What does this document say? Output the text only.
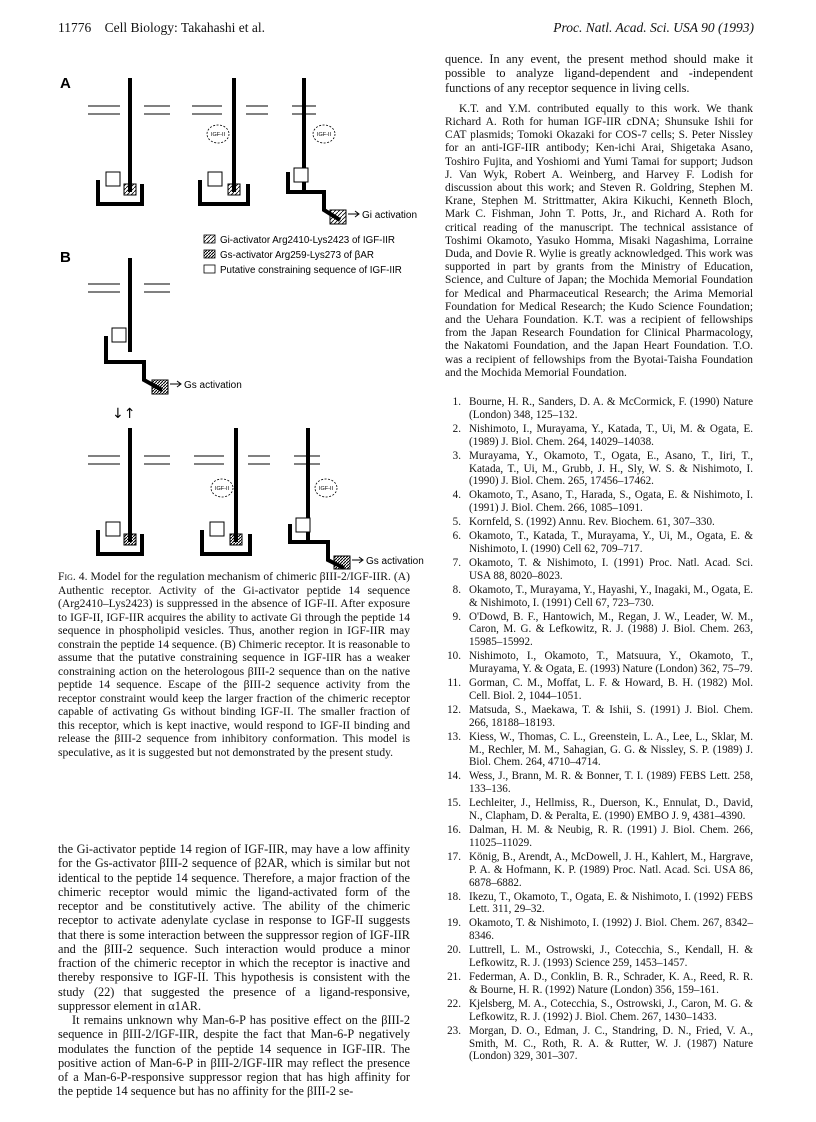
11776 Cell Biology: Takahashi et al.	Proc. Natl. Acad. Sci. USA 90 (1993)
A
B
IGF-II	IGF-II
Gi activation
Gi-activator Arg2410-Lys2423 of IGF-IIR
Gs-activator Arg259-Lys273 of βAR
Putative constraining sequence of IGF-IIR
Gs activation
↓↑
IGF-II	IGF-II
Gs activation

Fig. 4. Model for the regulation mechanism of chimeric βIII-2/IGF-IIR. (A) Authentic receptor. Activity of the Gi-activator peptide 14 sequence (Arg2410–Lys2423) is suppressed in the absence of IGF-II. After exposure to IGF-II, IGF-IIR acquires the ability to activate Gi through the peptide 14 sequence in phospholipid vesicles. Thus, another region in IGF-IIR may constrain the peptide 14 sequence. (B) Chimeric receptor. It is reasonable to assume that the putative constraining sequence in IGF-IIR has a weaker constraining action on the heterologous βIII-2 sequence than on the native peptide 14 sequence. Escape of the βIII-2 sequence activity from the receptor constraint would keep the larger fraction of the chimeric receptor capable of activating Gs without binding IGF-II. The smaller fraction of this receptor, which is kept inactive, would respond to IGF-II binding and release the βIII-2 sequence from inhibitory conformation. This model is speculative, as it is suggested but not demonstrated by the present study.

the Gi-activator peptide 14 region of IGF-IIR, may have a low affinity for the Gs-activator βIII-2 sequence of β2AR, which is similar but not identical to the peptide 14 sequence. Therefore, a major fraction of the chimeric receptor would mimic the ligand-activated form of the receptor and be constitutively active. The ability of the chimeric receptor to activate adenylate cyclase in response to IGF-II suggests that there is some interaction between the suppressor region of IGF-IIR and the βIII-2 sequence. Such interaction would produce a minor fraction of the chimeric receptor in which the receptor is inactive and thereby responsive to IGF-II. This hypothesis is consistent with the study (22) that suggested the presence of a ligand-responsive, suppressor element in α1AR.

It remains unknown why Man-6-P has positive effect on the βIII-2 sequence in βIII-2/IGF-IIR, despite the fact that Man-6-P negatively modulates the function of the peptide 14 sequence in IGF-IIR. The positive action of Man-6-P in βIII-2/IGF-IIR may reflect the presence of a Man-6-P-responsive suppressor region that has high affinity for the peptide 14 sequence but has no affinity for the βIII-2 se-

quence. In any event, the present method should make it possible to analyze ligand-dependent and -independent functions of any receptor sequence in living cells.

K.T. and Y.M. contributed equally to this work. We thank Richard A. Roth for human IGF-IIR cDNA; Shunsuke Ishii for CAT plasmids; Tomoki Okazaki for COS-7 cells; S. Peter Nissley for an anti-IGF-IIR antibody; Ken-ichi Arai, Shigetaka Asano, Toshiro Fujita, and Yoshiomi and Yumi Tamai for support; Judson J. Van Wyk, Robert A. Weinberg, and Harvey F. Lodish for discussion about this work; and Steven R. Goldring, Stephen M. Krane, Stephen M. Strittmatter, Akira Kikuchi, Kenneth Bloch, Mark C. Fishman, John T. Potts, Jr., and Richard A. Roth for critical reading of the manuscript. The technical assistance of Toshimi Okamoto, Yasuko Homma, Misaki Nagashima, Lorraine Duda, and Dovie R. Wylie is greatly acknowledged. This work was supported in part by grants from the Ministry of Education, Science, and Culture of Japan; the Mochida Memorial Foundation for Medical and Pharmaceutical Research; the Arima Memorial Foundation for Medical Research; the Kudo Science Foundation; and the Uehara Foundation. K.T. was a recipient of fellowships from the Japan Research Foundation for Clinical Pharmacology, the Nakatomi Foundation, and the Japan Heart Foundation. T.O. was a recipient of fellowships from the Byotai-Taisha Foundation and the Mochida Memorial Foundation.

1. Bourne, H. R., Sanders, D. A. & McCormick, F. (1990) Nature (London) 348, 125–132.
2. Nishimoto, I., Murayama, Y., Katada, T., Ui, M. & Ogata, E. (1989) J. Biol. Chem. 264, 14029–14038.
3. Murayama, Y., Okamoto, T., Ogata, E., Asano, T., Iiri, T., Katada, T., Ui, M., Grubb, J. H., Sly, W. S. & Nishimoto, I. (1990) J. Biol. Chem. 265, 17456–17462.
4. Okamoto, T., Asano, T., Harada, S., Ogata, E. & Nishimoto, I. (1991) J. Biol. Chem. 266, 1085–1091.
5. Kornfeld, S. (1992) Annu. Rev. Biochem. 61, 307–330.
6. Okamoto, T., Katada, T., Murayama, Y., Ui, M., Ogata, E. & Nishimoto, I. (1990) Cell 62, 709–717.
7. Okamoto, T. & Nishimoto, I. (1991) Proc. Natl. Acad. Sci. USA 88, 8020–8023.
8. Okamoto, T., Murayama, Y., Hayashi, Y., Inagaki, M., Ogata, E. & Nishimoto, I. (1991) Cell 67, 723–730.
9. O'Dowd, B. F., Hantowich, M., Regan, J. W., Leader, W. M., Caron, M. G. & Lefkowitz, R. J. (1988) J. Biol. Chem. 263, 15985–15992.
10. Nishimoto, I., Okamoto, T., Matsuura, Y., Okamoto, T., Murayama, Y. & Ogata, E. (1993) Nature (London) 362, 75–79.
11. Gorman, C. M., Moffat, L. F. & Howard, B. H. (1982) Mol. Cell. Biol. 2, 1044–1051.
12. Matsuda, S., Maekawa, T. & Ishii, S. (1991) J. Biol. Chem. 266, 18188–18193.
13. Kiess, W., Thomas, C. L., Greenstein, L. A., Lee, L., Sklar, M. M., Rechler, M. M., Sahagian, G. G. & Nissley, S. P. (1989) J. Biol. Chem. 264, 4710–4714.
14. Wess, J., Brann, M. R. & Bonner, T. I. (1989) FEBS Lett. 258, 133–136.
15. Lechleiter, J., Hellmiss, R., Duerson, K., Ennulat, D., David, N., Clapham, D. & Peralta, E. (1990) EMBO J. 9, 4381–4390.
16. Dalman, H. M. & Neubig, R. R. (1991) J. Biol. Chem. 266, 11025–11029.
17. König, B., Arendt, A., McDowell, J. H., Kahlert, M., Hargrave, P. A. & Hofmann, K. P. (1989) Proc. Natl. Acad. Sci. USA 86, 6878–6882.
18. Ikezu, T., Okamoto, T., Ogata, E. & Nishimoto, I. (1992) FEBS Lett. 311, 29–32.
19. Okamoto, T. & Nishimoto, I. (1992) J. Biol. Chem. 267, 8342–8346.
20. Luttrell, L. M., Ostrowski, J., Cotecchia, S., Kendall, H. & Lefkowitz, R. J. (1993) Science 259, 1453–1457.
21. Federman, A. D., Conklin, B. R., Schrader, K. A., Reed, R. R. & Bourne, H. R. (1992) Nature (London) 356, 159–161.
22. Kjelsberg, M. A., Cotecchia, S., Ostrowski, J., Caron, M. G. & Lefkowitz, R. J. (1992) J. Biol. Chem. 267, 1430–1433.
23. Morgan, D. O., Edman, J. C., Standring, D. N., Fried, V. A., Smith, M. C., Roth, R. A. & Rutter, W. J. (1987) Nature (London) 329, 301–307.
